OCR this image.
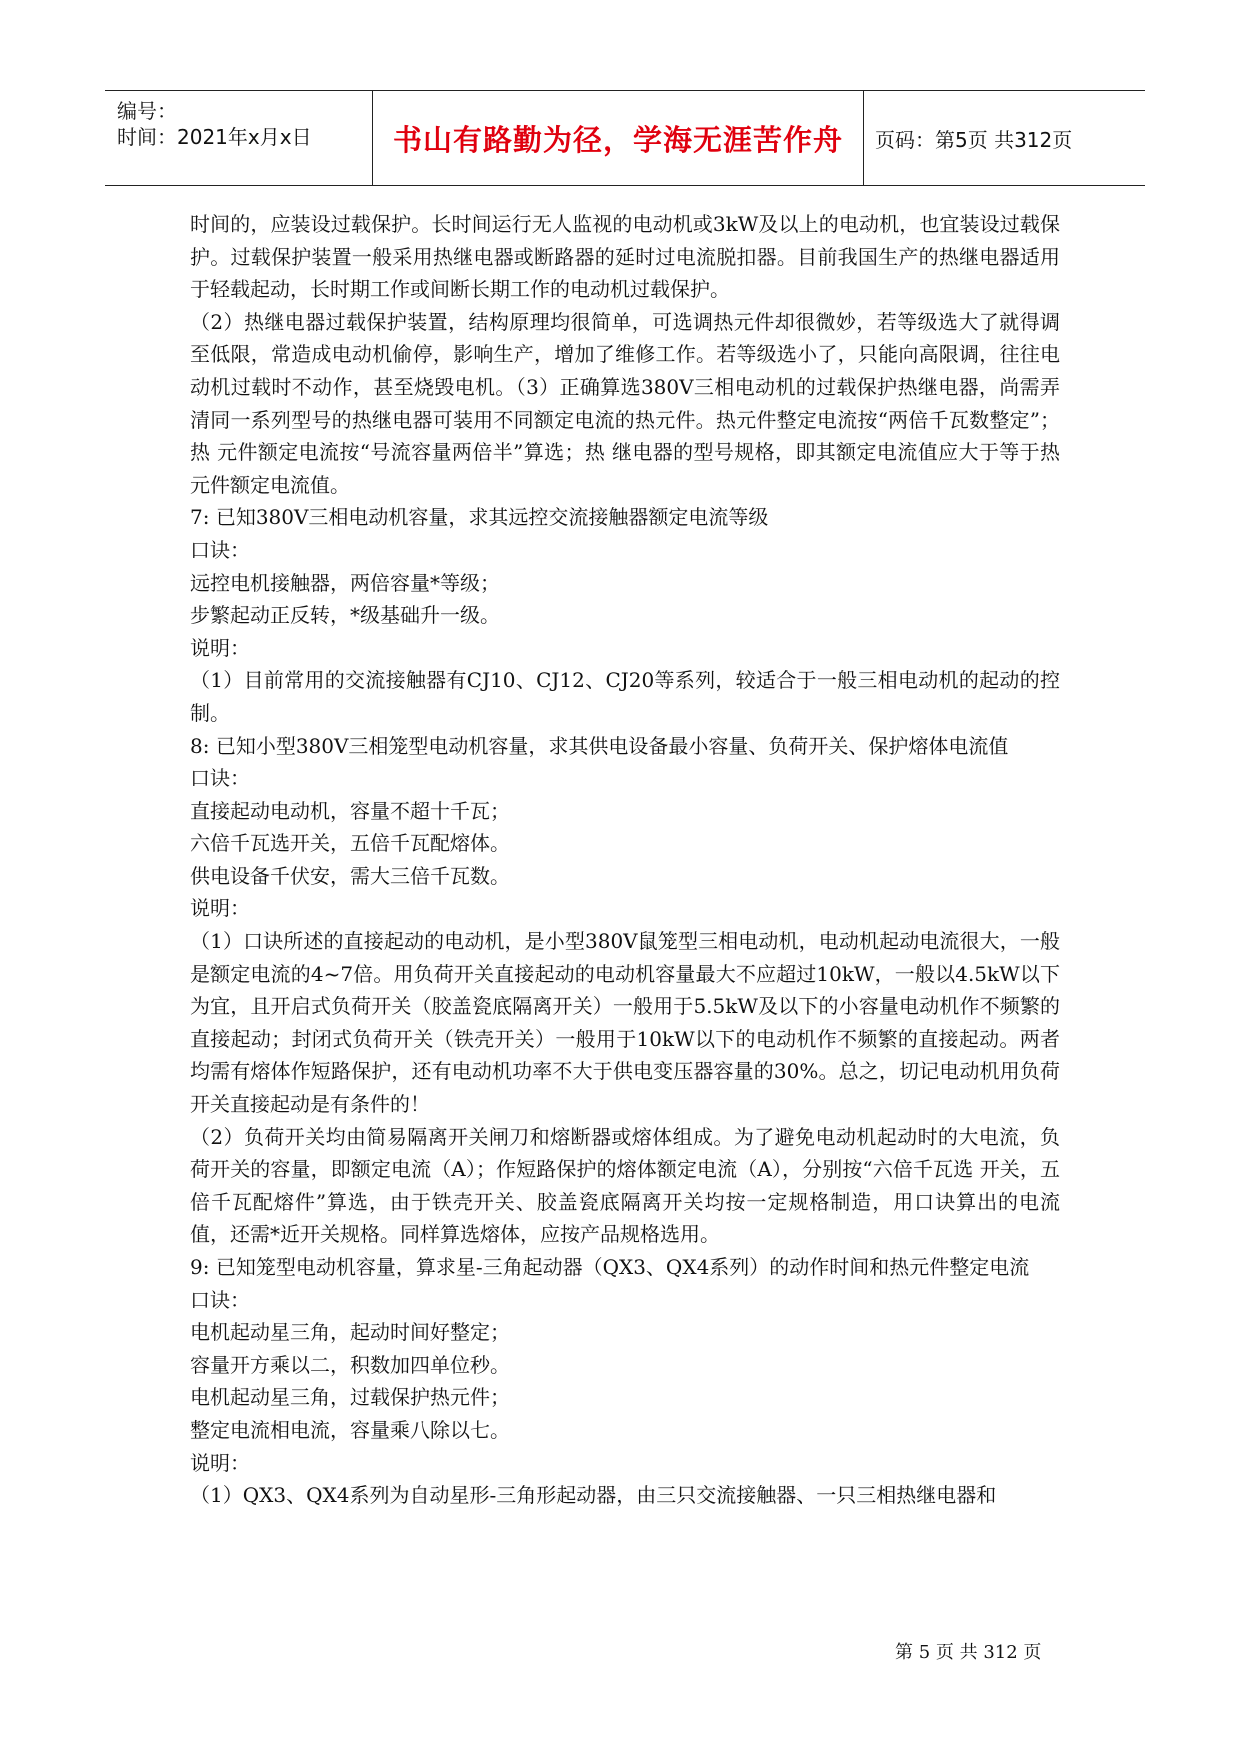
编号：
时间：2021年x月x日	书山有路勤为径，学海无涯苦作舟 页码：第5页 共312页

时间的，应装设过载保护。长时间运行无人监视的电动机或3kW及以上的电动机，也宜装设过载保护。过载保护装置一般采用热继电器或断路器的延时过电流脱扣器。目前我国生产的热继电器适用于轻载起动，长时期工作或间断长期工作的电动机过载保护。

（2）热继电器过载保护装置，结构原理均很简单，可选调热元件却很微妙，若等级选大了就得调至低限，常造成电动机偷停，影响生产，增加了维修工作。若等级选小了，只能向高限调，往往电动机过载时不动作，甚至烧毁电机。（3）正确算选380V三相电动机的过载保护热继电器，尚需弄清同一系列型号的热继电器可装用不同额定电流的热元件。热元件整定电流按“两倍千瓦数整定”；热 元件额定电流按“号流容量两倍半”算选；热 继电器的型号规格，即其额定电流值应大于等于热元件额定电流值。

7: 已知380V三相电动机容量，求其远控交流接触器额定电流等级

口诀：

远控电机接触器，两倍容量*等级；

步繁起动正反转，*级基础升一级。

说明：

（1）目前常用的交流接触器有CJ10、CJ12、CJ20等系列，较适合于一般三相电动机的起动的控制。

8: 已知小型380V三相笼型电动机容量，求其供电设备最小容量、负荷开关、保护熔体电流值

口诀：

直接起动电动机，容量不超十千瓦；

六倍千瓦选开关，五倍千瓦配熔体。

供电设备千伏安，需大三倍千瓦数。

说明：

（1）口诀所述的直接起动的电动机，是小型380V鼠笼型三相电动机，电动机起动电流很大，一般是额定电流的4~7倍。用负荷开关直接起动的电动机容量最大不应超过10kW，一般以4.5kW以下为宜，且开启式负荷开关（胶盖瓷底隔离开关）一般用于5.5kW及以下的小容量电动机作不频繁的直接起动；封闭式负荷开关（铁壳开关）一般用于10kW以下的电动机作不频繁的直接起动。两者均需有熔体作短路保护，还有电动机功率不大于供电变压器容量的30%。总之，切记电动机用负荷开关直接起动是有条件的！

（2）负荷开关均由简易隔离开关闸刀和熔断器或熔体组成。为了避免电动机起动时的大电流，负荷开关的容量，即额定电流（A）；作短路保护的熔体额定电流（A），分别按“六倍千瓦选 开关，五倍千瓦配熔件”算选，由于铁壳开关、胶盖瓷底隔离开关均按一定规格制造，用口诀算出的电流值，还需*近开关规格。同样算选熔体，应按产品规格选用。

9: 已知笼型电动机容量，算求星-三角起动器（QX3、QX4系列）的动作时间和热元件整定电流

口诀：

电机起动星三角，起动时间好整定；

容量开方乘以二，积数加四单位秒。

电机起动星三角，过载保护热元件；

整定电流相电流，容量乘八除以七。

说明：

（1）QX3、QX4系列为自动星形-三角形起动器，由三只交流接触器、一只三相热继电器和

第 5 页 共 312 页
